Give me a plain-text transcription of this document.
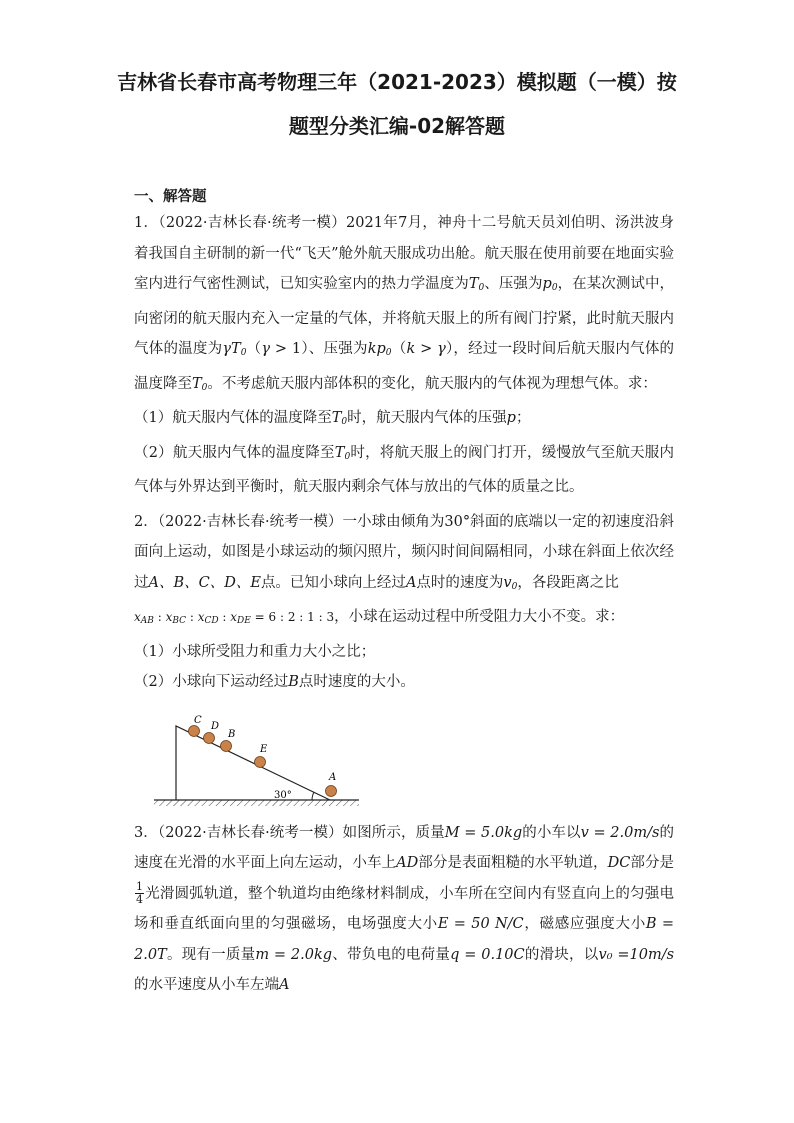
吉林省长春市高考物理三年（2021-2023）模拟题（一模）按
题型分类汇编-02解答题
一、解答题

1．（2022·吉林长春·统考一模）2021年7月，神舟十二号航天员刘伯明、汤洪波身着我国自主研制的新一代“飞天”舱外航天服成功出舱。航天服在使用前要在地面实验室内进行气密性测试，已知实验室内的热力学温度为T0、压强为p0，在某次测试中，向密闭的航天服内充入一定量的气体，并将航天服上的所有阀门拧紧，此时航天服内气体的温度为γT0（γ > 1）、压强为kp0（k > γ），经过一段时间后航天服内气体的温度降至T0。不考虑航天服内部体积的变化，航天服内的气体视为理想气体。求：

（1）航天服内气体的温度降至T0时，航天服内气体的压强p；

（2）航天服内气体的温度降至T0时，将航天服上的阀门打开，缓慢放气至航天服内气体与外界达到平衡时，航天服内剩余气体与放出的气体的质量之比。

2．（2022·吉林长春·统考一模）一小球由倾角为30°斜面的底端以一定的初速度沿斜面向上运动，如图是小球运动的频闪照片，频闪时间间隔相同，小球在斜面上依次经过A、B、C、D、E点。已知小球向上经过A点时的速度为v0，各段距离之比

xAB : xBC : xCD : xDE = 6 : 2 : 1 : 3，小球在运动过程中所受阻力大小不变。求：

（1）小球所受阻力和重力大小之比；

（2）小球向下运动经过B点时速度的大小。

30°
C
D
B
E
A

3．（2022·吉林长春·统考一模）如图所示，质量M = 5.0kg的小车以v = 2.0m/s的速度在光滑的水平面上向左运动，小车上AD部分是表面粗糙的水平轨道，DC部分是
$\frac{1}{4}$ 光滑圆弧轨道，整个轨道均由绝缘材料制成，小车所在空间内有竖直向上的匀强电场和垂直纸面向里的匀强磁场，电场强度大小E = 50 N/C，磁感应强度大小B = 2.0T。现有一质量m = 2.0kg、带负电的电荷量q = 0.10C的滑块，以v₀ =10m/s的水平速度从小车左端A
